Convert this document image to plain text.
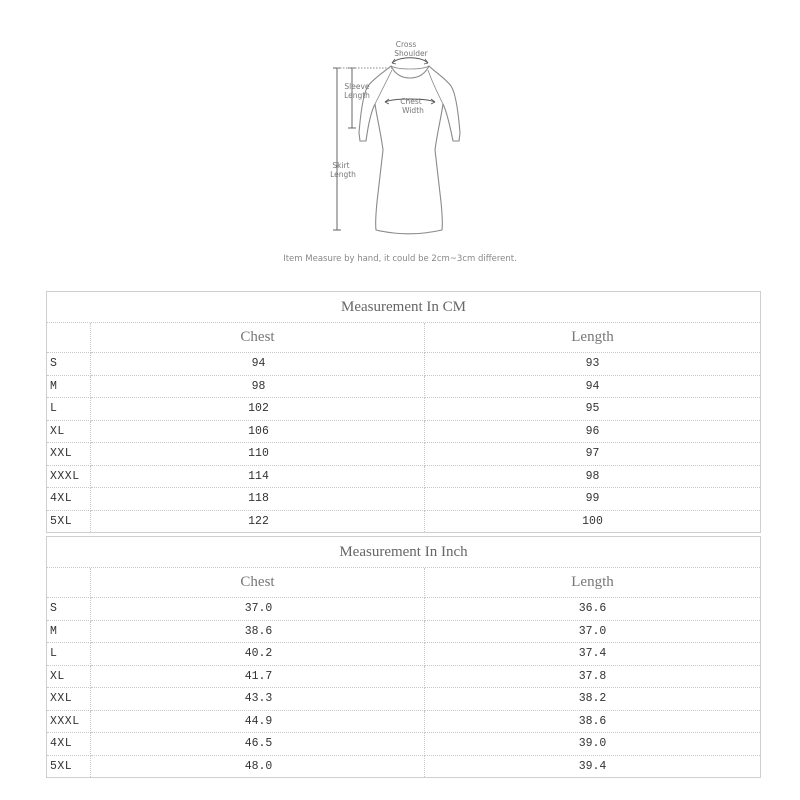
Cross
Shoulder
Sleeve
Length
Chest
Width
Skirt
Length
Item Measure by hand, it could be 2cm~3cm different.
Measurement In CM		
	Chest	Length
S	94	93
M	98	94
L	102	95
XL	106	96
XXL	110	97
XXXL	114	98
4XL	118	99
5XL	122	100
Measurement In Inch		
	Chest	Length
S	37.0	36.6
M	38.6	37.0
L	40.2	37.4
XL	41.7	37.8
XXL	43.3	38.2
XXXL	44.9	38.6
4XL	46.5	39.0
5XL	48.0	39.4
